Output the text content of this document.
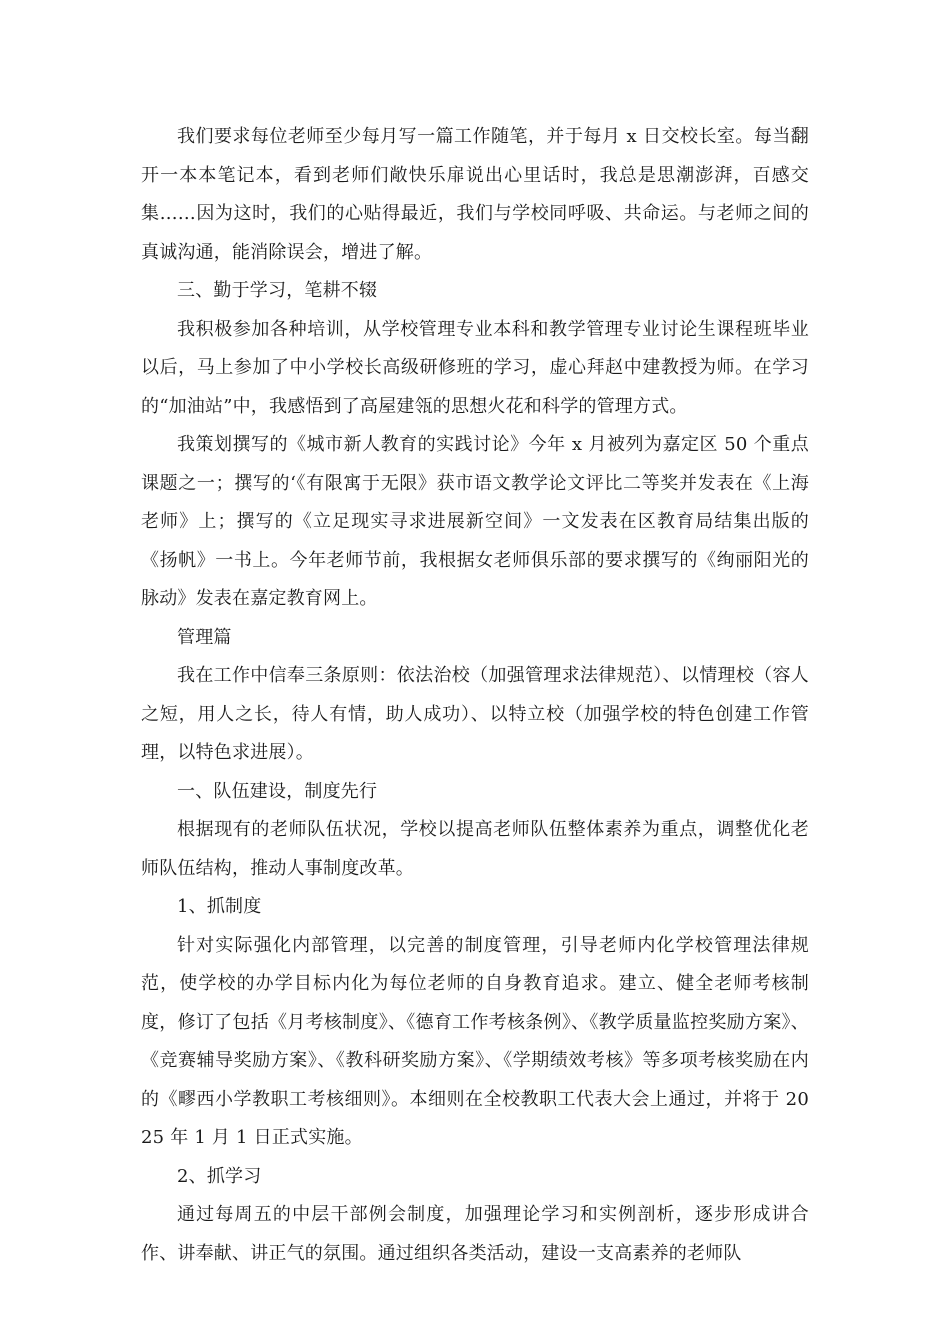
我们要求每位老师至少每月写一篇工作随笔，并于每月 x 日交校长室。每当翻开一本本笔记本，看到老师们敞快乐扉说出心里话时，我总是思潮澎湃，百感交集……因为这时，我们的心贴得最近，我们与学校同呼吸、共命运。与老师之间的真诚沟通，能消除误会，增进了解。

三、勤于学习，笔耕不辍

我积极参加各种培训，从学校管理专业本科和教学管理专业讨论生课程班毕业以后，马上参加了中小学校长高级研修班的学习，虚心拜赵中建教授为师。在学习的“加油站”中，我感悟到了高屋建瓴的思想火花和科学的管理方式。

我策划撰写的《城市新人教育的实践讨论》今年 x 月被列为嘉定区 50 个重点课题之一；撰写的‘《有限寓于无限》获市语文教学论文评比二等奖并发表在《上海老师》上；撰写的《立足现实寻求进展新空间》一文发表在区教育局结集出版的《扬帆》一书上。今年老师节前，我根据女老师俱乐部的要求撰写的《绚丽阳光的脉动》发表在嘉定教育网上。

管理篇

我在工作中信奉三条原则：依法治校（加强管理求法律规范）、以情理校（容人之短，用人之长，待人有情，助人成功）、以特立校（加强学校的特色创建工作管理，以特色求进展）。

一、队伍建设，制度先行

根据现有的老师队伍状况，学校以提高老师队伍整体素养为重点，调整优化老师队伍结构，推动人事制度改革。

1、抓制度

针对实际强化内部管理，以完善的制度管理，引导老师内化学校管理法律规范，使学校的办学目标内化为每位老师的自身教育追求。建立、健全老师考核制度，修订了包括《月考核制度》、《德育工作考核条例》、《教学质量监控奖励方案》、《竞赛辅导奖励方案》、《教科研奖励方案》、《学期绩效考核》等多项考核奖励在内的《疁西小学教职工考核细则》。本细则在全校教职工代表大会上通过，并将于 2025 年 1 月 1 日正式实施。

2、抓学习

通过每周五的中层干部例会制度，加强理论学习和实例剖析，逐步形成讲合作、讲奉献、讲正气的氛围。通过组织各类活动，建设一支高素养的老师队
